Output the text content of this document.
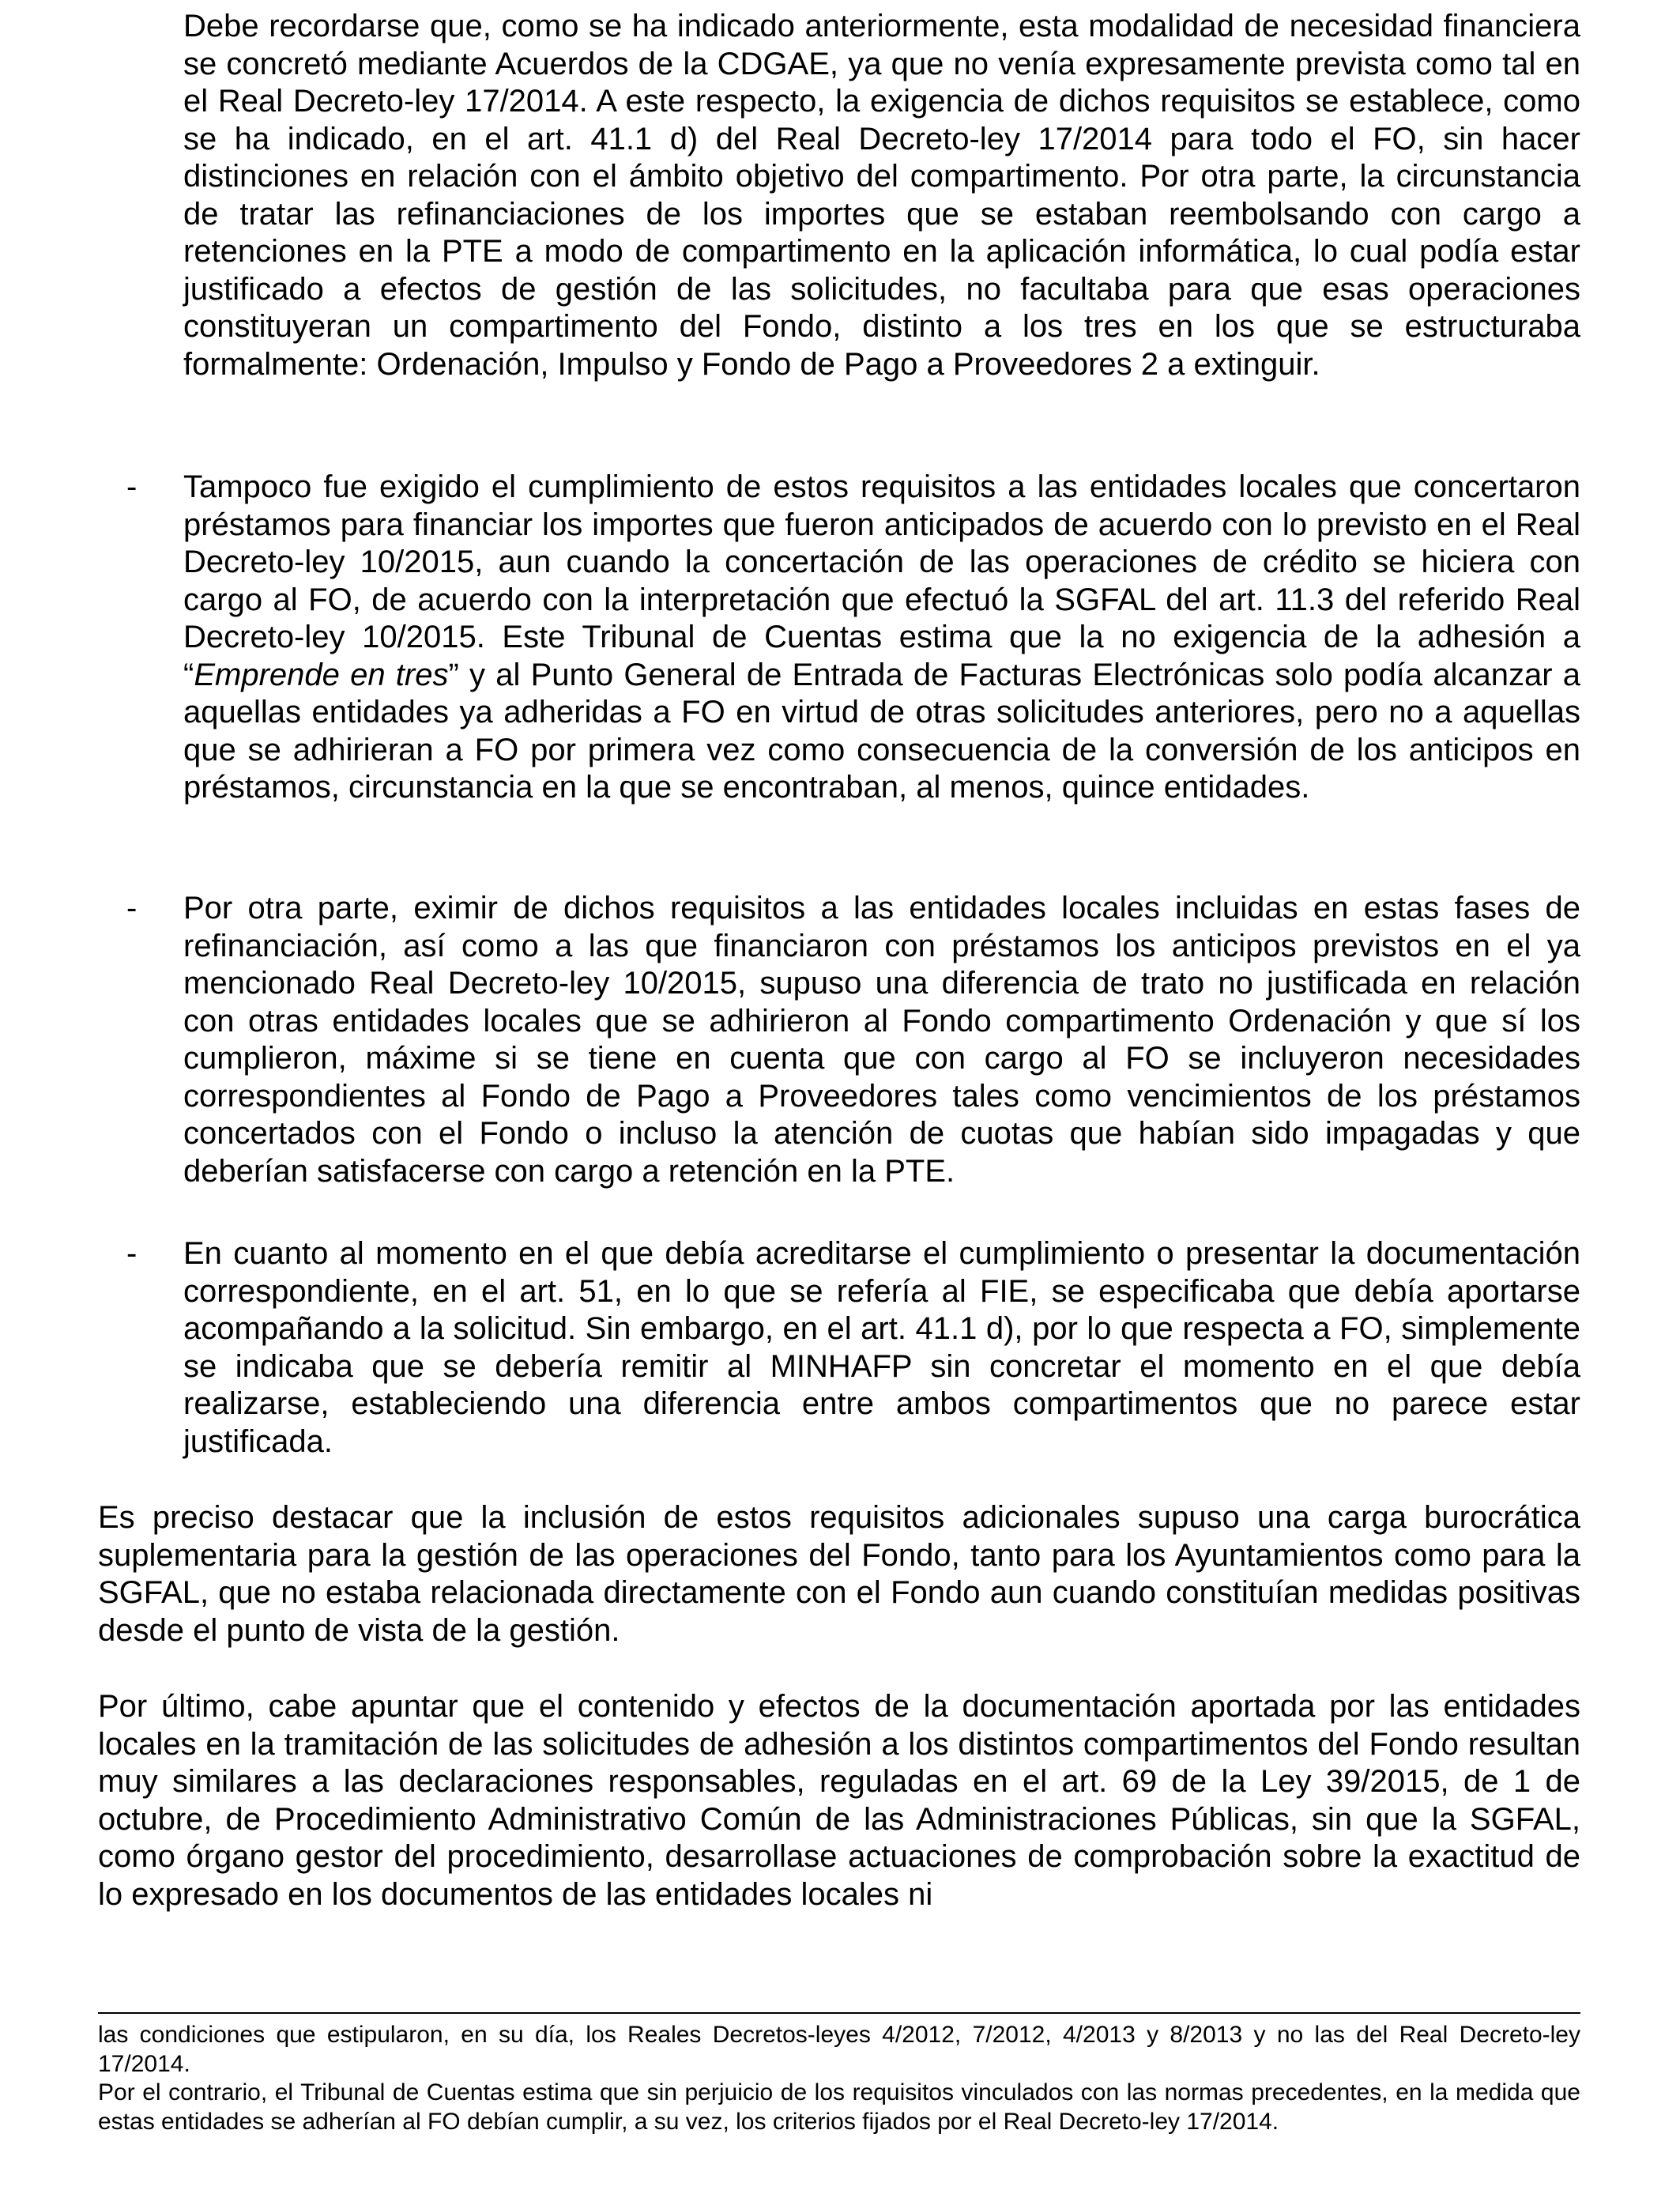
Debe recordarse que, como se ha indicado anteriormente, esta modalidad de necesidad financiera se concretó mediante Acuerdos de la CDGAE, ya que no venía expresamente prevista como tal en el Real Decreto-ley 17/2014. A este respecto, la exigencia de dichos requisitos se establece, como se ha indicado, en el art. 41.1 d) del Real Decreto-ley 17/2014 para todo el FO, sin hacer distinciones en relación con el ámbito objetivo del compartimento. Por otra parte, la circunstancia de tratar las refinanciaciones de los importes que se estaban reembolsando con cargo a retenciones en la PTE a modo de compartimento en la aplicación informática, lo cual podía estar justificado a efectos de gestión de las solicitudes, no facultaba para que esas operaciones constituyeran un compartimento del Fondo, distinto a los tres en los que se estructuraba formalmente: Ordenación, Impulso y Fondo de Pago a Proveedores 2 a extinguir.

- Tampoco fue exigido el cumplimiento de estos requisitos a las entidades locales que concertaron préstamos para financiar los importes que fueron anticipados de acuerdo con lo previsto en el Real Decreto-ley 10/2015, aun cuando la concertación de las operaciones de crédito se hiciera con cargo al FO, de acuerdo con la interpretación que efectuó la SGFAL del art. 11.3 del referido Real Decreto-ley 10/2015. Este Tribunal de Cuentas estima que la no exigencia de la adhesión a “Emprende en tres” y al Punto General de Entrada de Facturas Electrónicas solo podía alcanzar a aquellas entidades ya adheridas a FO en virtud de otras solicitudes anteriores, pero no a aquellas que se adhirieran a FO por primera vez como consecuencia de la conversión de los anticipos en préstamos, circunstancia en la que se encontraban, al menos, quince entidades.

- Por otra parte, eximir de dichos requisitos a las entidades locales incluidas en estas fases de refinanciación, así como a las que financiaron con préstamos los anticipos previstos en el ya mencionado Real Decreto-ley 10/2015, supuso una diferencia de trato no justificada en relación con otras entidades locales que se adhirieron al Fondo compartimento Ordenación y que sí los cumplieron, máxime si se tiene en cuenta que con cargo al FO se incluyeron necesidades correspondientes al Fondo de Pago a Proveedores tales como vencimientos de los préstamos concertados con el Fondo o incluso la atención de cuotas que habían sido impagadas y que deberían satisfacerse con cargo a retención en la PTE.

- En cuanto al momento en el que debía acreditarse el cumplimiento o presentar la documentación correspondiente, en el art. 51, en lo que se refería al FIE, se especificaba que debía aportarse acompañando a la solicitud. Sin embargo, en el art. 41.1 d), por lo que respecta a FO, simplemente se indicaba que se debería remitir al MINHAFP sin concretar el momento en el que debía realizarse, estableciendo una diferencia entre ambos compartimentos que no parece estar justificada.

Es preciso destacar que la inclusión de estos requisitos adicionales supuso una carga burocrática suplementaria para la gestión de las operaciones del Fondo, tanto para los Ayuntamientos como para la SGFAL, que no estaba relacionada directamente con el Fondo aun cuando constituían medidas positivas desde el punto de vista de la gestión.

Por último, cabe apuntar que el contenido y efectos de la documentación aportada por las entidades locales en la tramitación de las solicitudes de adhesión a los distintos compartimentos del Fondo resultan muy similares a las declaraciones responsables, reguladas en el art. 69 de la Ley 39/2015, de 1 de octubre, de Procedimiento Administrativo Común de las Administraciones Públicas, sin que la SGFAL, como órgano gestor del procedimiento, desarrollase actuaciones de comprobación sobre la exactitud de lo expresado en los documentos de las entidades locales ni

las condiciones que estipularon, en su día, los Reales Decretos-leyes 4/2012, 7/2012, 4/2013 y 8/2013 y no las del Real Decreto-ley 17/2014.

Por el contrario, el Tribunal de Cuentas estima que sin perjuicio de los requisitos vinculados con las normas precedentes, en la medida que estas entidades se adherían al FO debían cumplir, a su vez, los criterios fijados por el Real Decreto-ley 17/2014.
